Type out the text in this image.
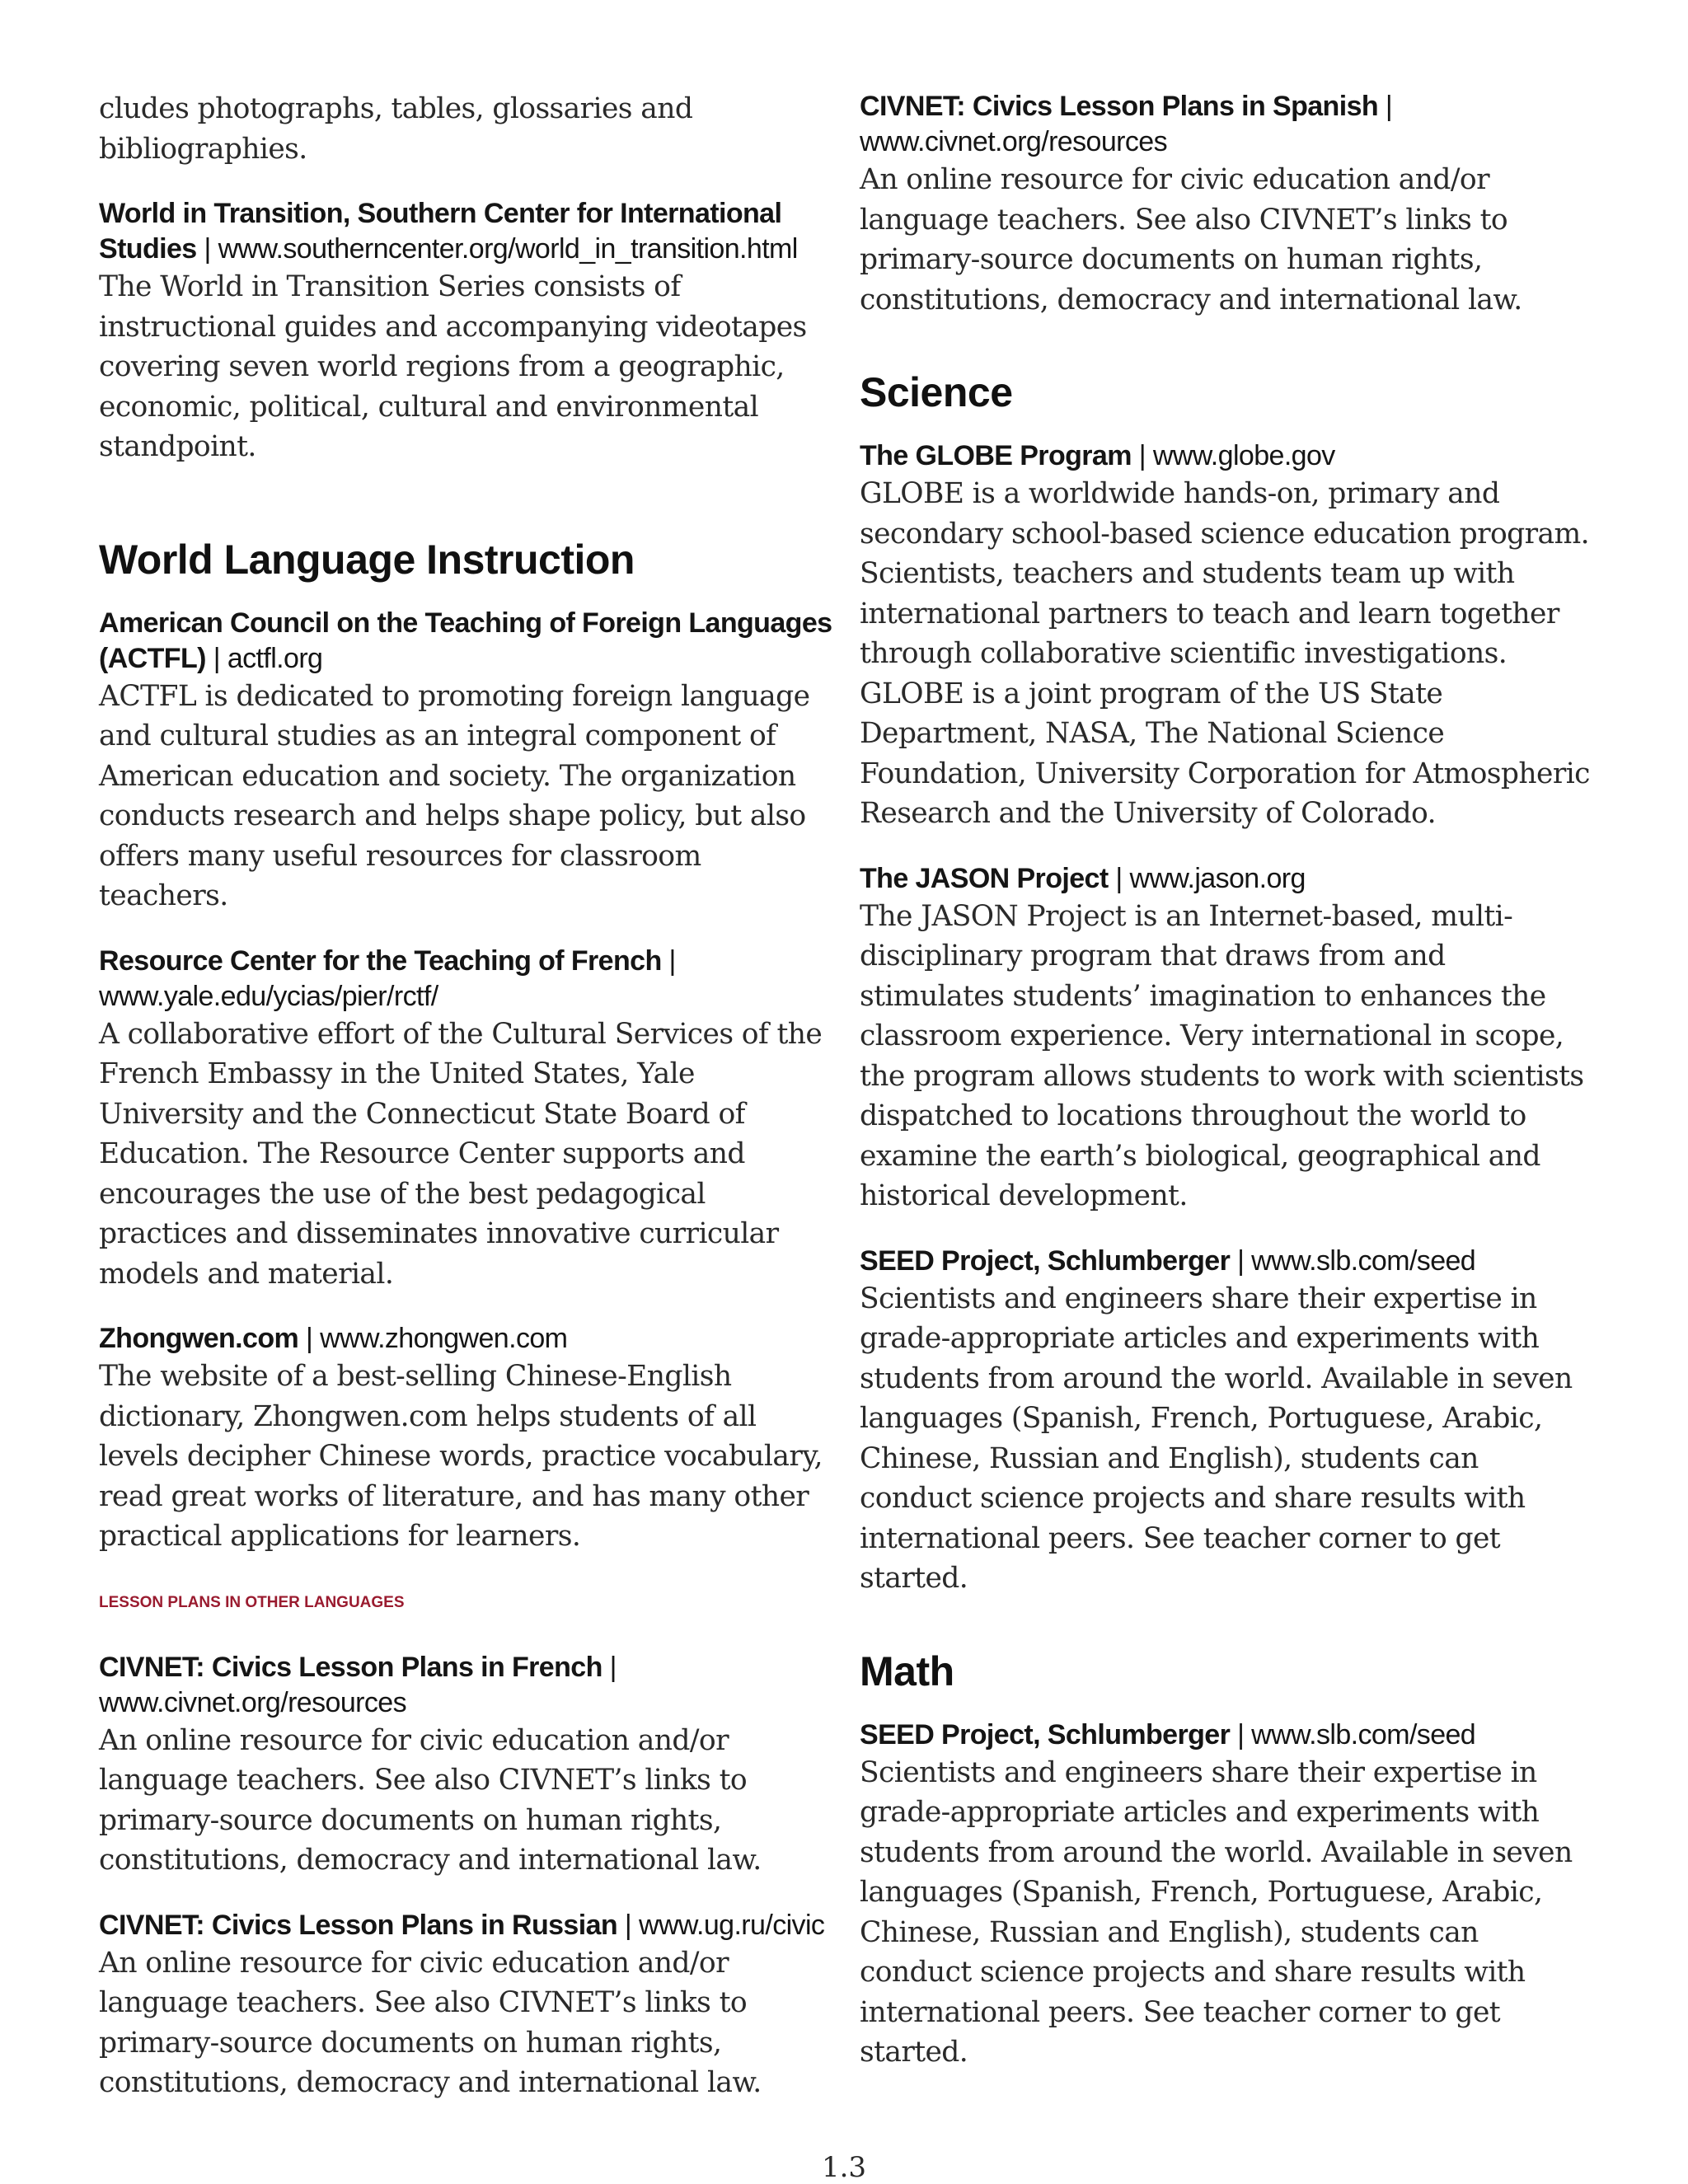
cludes photographs, tables, glossaries and bibliographies.

World in Transition, Southern Center for International Studies | www.southerncenter.org/world_in_transition.html

The World in Transition Series consists of instructional guides and accompanying videotapes covering seven world regions from a geographic, economic, political, cultural and environmental standpoint.

World Language Instruction

American Council on the Teaching of Foreign Languages (ACTFL) | actfl.org

ACTFL is dedicated to promoting foreign language and cultural studies as an integral component of American education and society. The organization conducts research and helps shape policy, but also offers many useful resources for classroom teachers.

Resource Center for the Teaching of French | www.yale.edu/ycias/pier/rctf/

A collaborative effort of the Cultural Services of the French Embassy in the United States, Yale University and the Connecticut State Board of Education. The Resource Center supports and encourages the use of the best pedagogical practices and disseminates innovative curricular models and material.

Zhongwen.com | www.zhongwen.com

The website of a best-selling Chinese-English dictionary, Zhongwen.com helps students of all levels decipher Chinese words, practice vocabulary, read great works of literature, and has many other practical applications for learners.

LESSON PLANS IN OTHER LANGUAGES

CIVNET: Civics Lesson Plans in French | www.civnet.org/resources

An online resource for civic education and/or language teachers. See also CIVNET’s links to primary-source documents on human rights, constitutions, democracy and international law.

CIVNET: Civics Lesson Plans in Russian | www.ug.ru/civic

An online resource for civic education and/or language teachers. See also CIVNET’s links to primary-source documents on human rights, constitutions, democracy and international law.

CIVNET: Civics Lesson Plans in Spanish | www.civnet.org/resources

An online resource for civic education and/or language teachers. See also CIVNET’s links to primary-source documents on human rights, constitutions, democracy and international law.

Science

The GLOBE Program | www.globe.gov

GLOBE is a worldwide hands-on, primary and secondary school-based science education program. Scientists, teachers and students team up with international partners to teach and learn together through collaborative scientific investigations. GLOBE is a joint program of the US State Department, NASA, The National Science Foundation, University Corporation for Atmospheric Research and the University of Colorado.

The JASON Project | www.jason.org

The JASON Project is an Internet-based, multi-disciplinary program that draws from and stimulates students’ imagination to enhances the classroom experience. Very international in scope, the program allows students to work with scientists dispatched to locations throughout the world to examine the earth’s biological, geographical and historical development.

SEED Project, Schlumberger | www.slb.com/seed

Scientists and engineers share their expertise in grade-appropriate articles and experiments with students from around the world. Available in seven languages (Spanish, French, Portuguese, Arabic, Chinese, Russian and English), students can conduct science projects and share results with international peers. See teacher corner to get started.

Math

SEED Project, Schlumberger | www.slb.com/seed

Scientists and engineers share their expertise in grade-appropriate articles and experiments with students from around the world. Available in seven languages (Spanish, French, Portuguese, Arabic, Chinese, Russian and English), students can conduct science projects and share results with international peers. See teacher corner to get started.

1.3
